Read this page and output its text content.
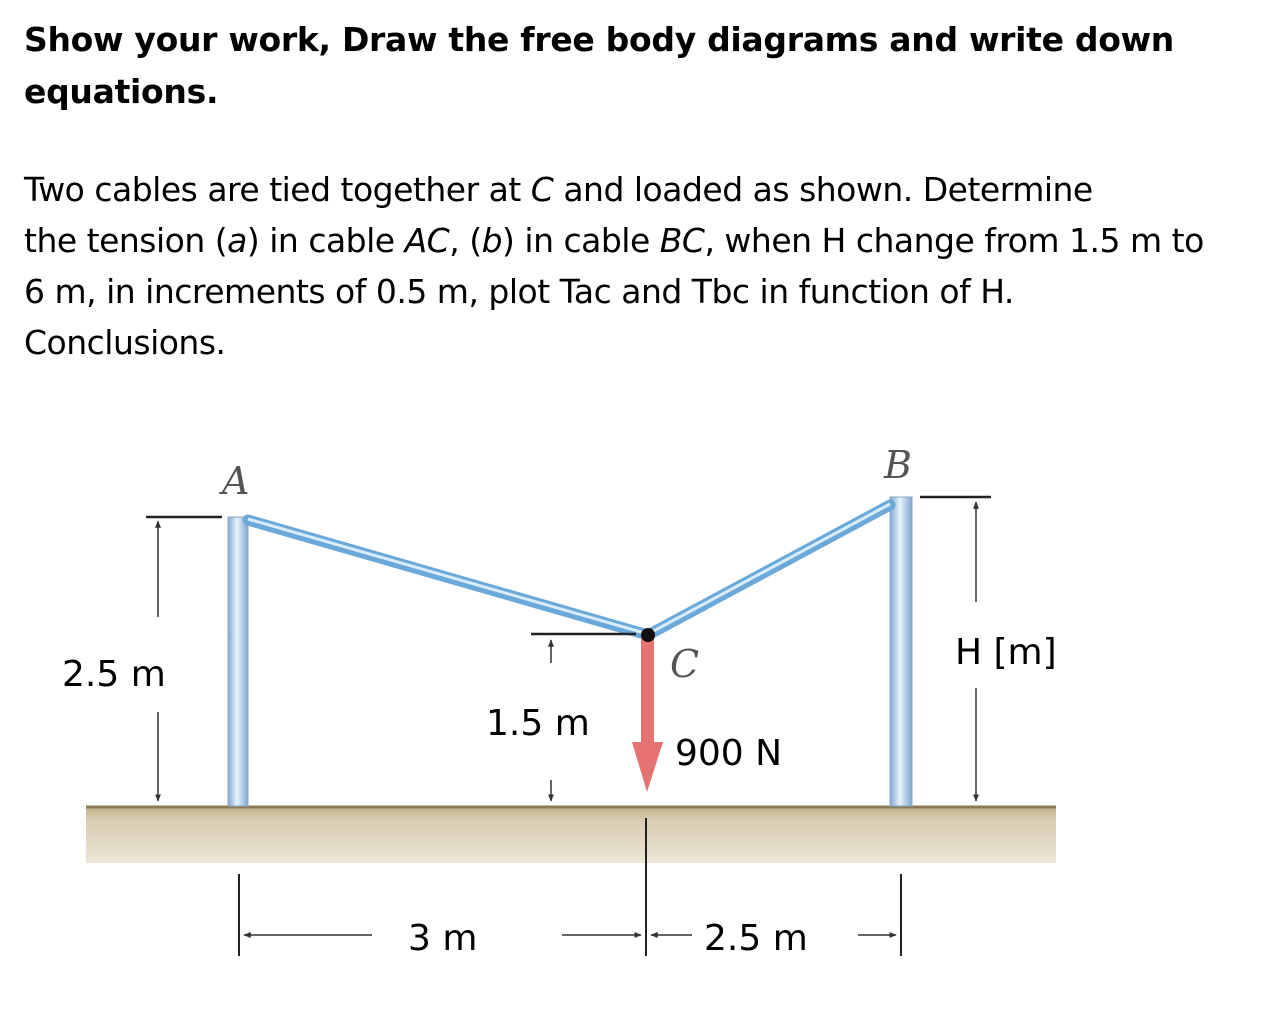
Show your work, Draw the free body diagrams and write down
equations.
Two cables are tied together at C and loaded as shown. Determine
the tension (a) in cable AC, (b) in cable BC, when H change from 1.5 m to
6 m, in increments of 0.5 m, plot Tac and Tbc in function of H.
Conclusions.
2.5 m
1.5 m
H [m]
3 m	2.5 m
A	B
C
900 N
